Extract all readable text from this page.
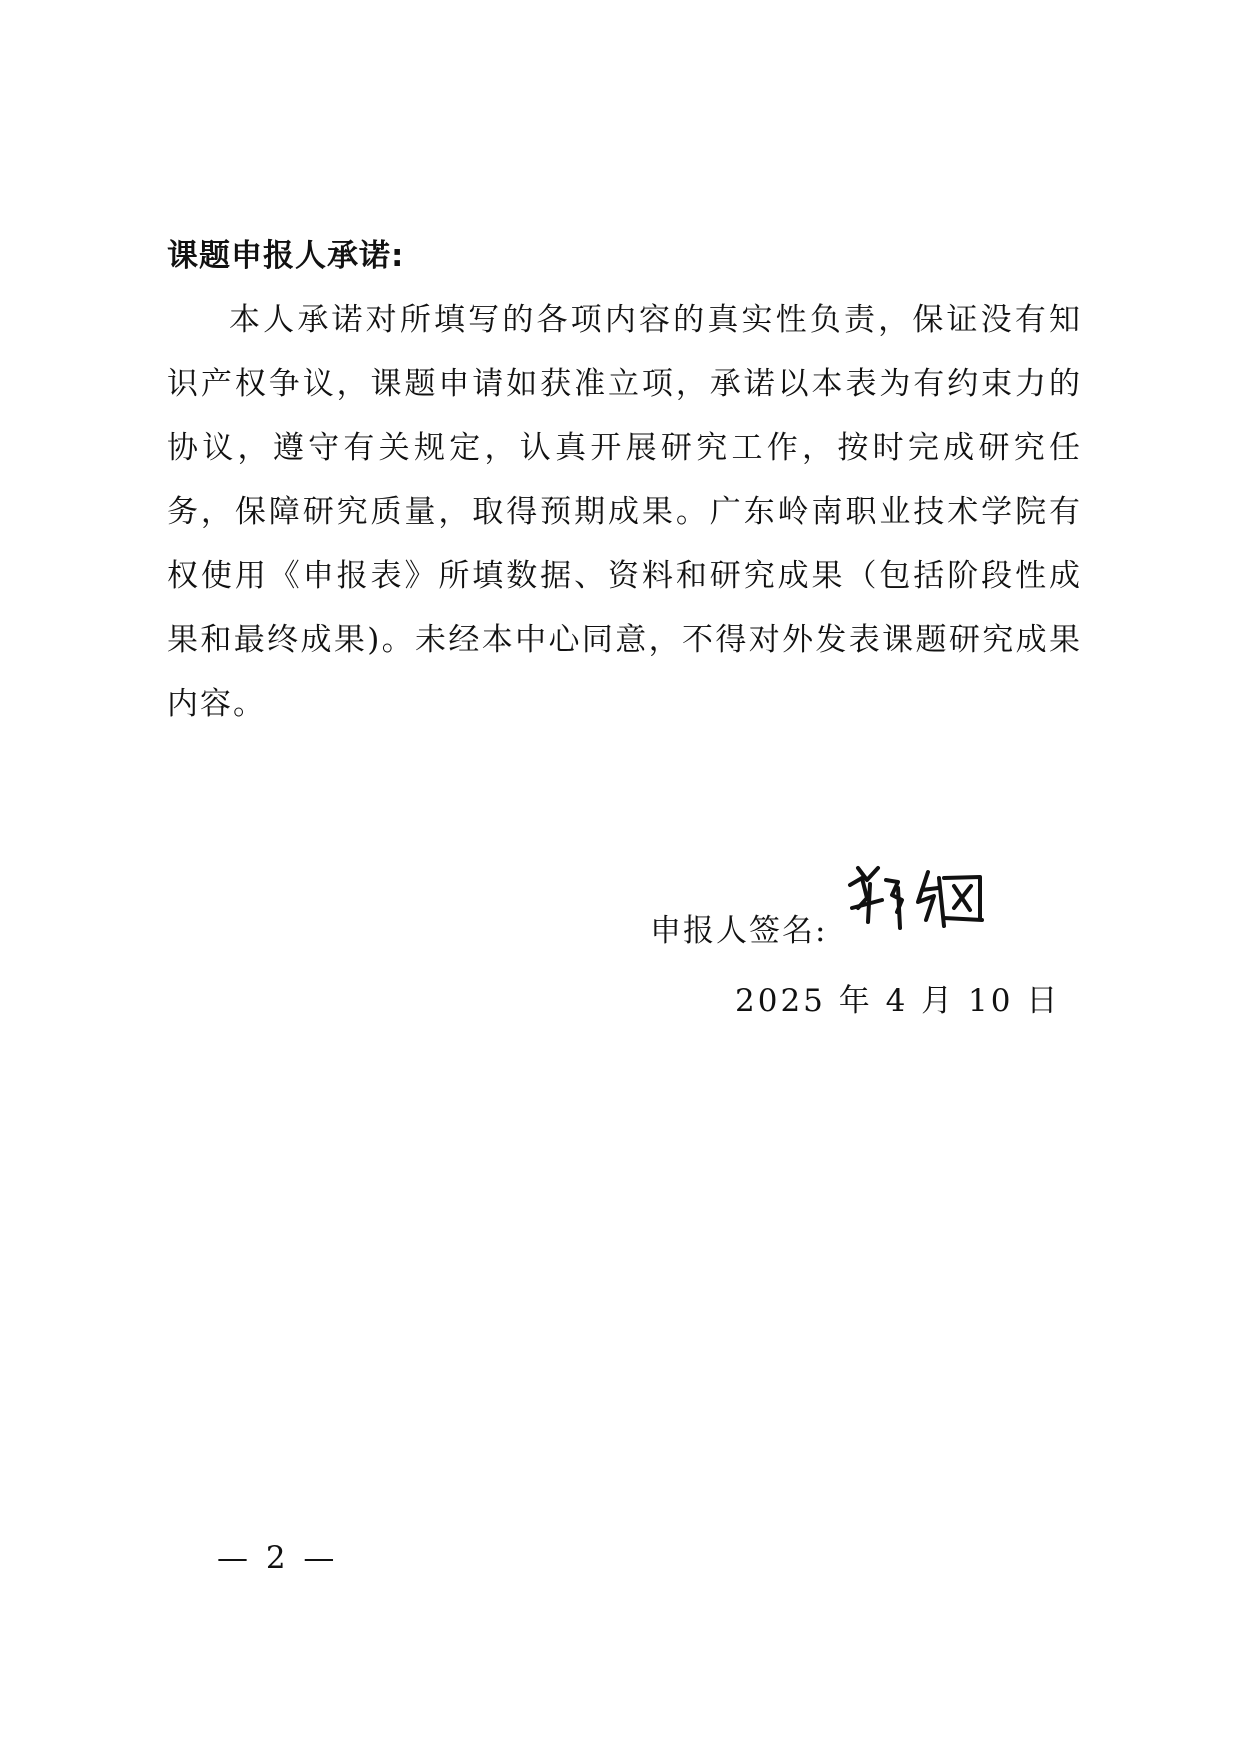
课题申报人承诺:

本人承诺对所填写的各项内容的真实性负责，保证没有知识产权争议，课题申请如获准立项，承诺以本表为有约束力的协议，遵守有关规定，认真开展研究工作，按时完成研究任务，保障研究质量，取得预期成果。广东岭南职业技术学院有权使用《申报表》所填数据、资料和研究成果（包括阶段性成果和最终成果)。未经本中心同意，不得对外发表课题研究成果内容。

申报人签名:
2025 年 4 月 10 日
— 2 —
